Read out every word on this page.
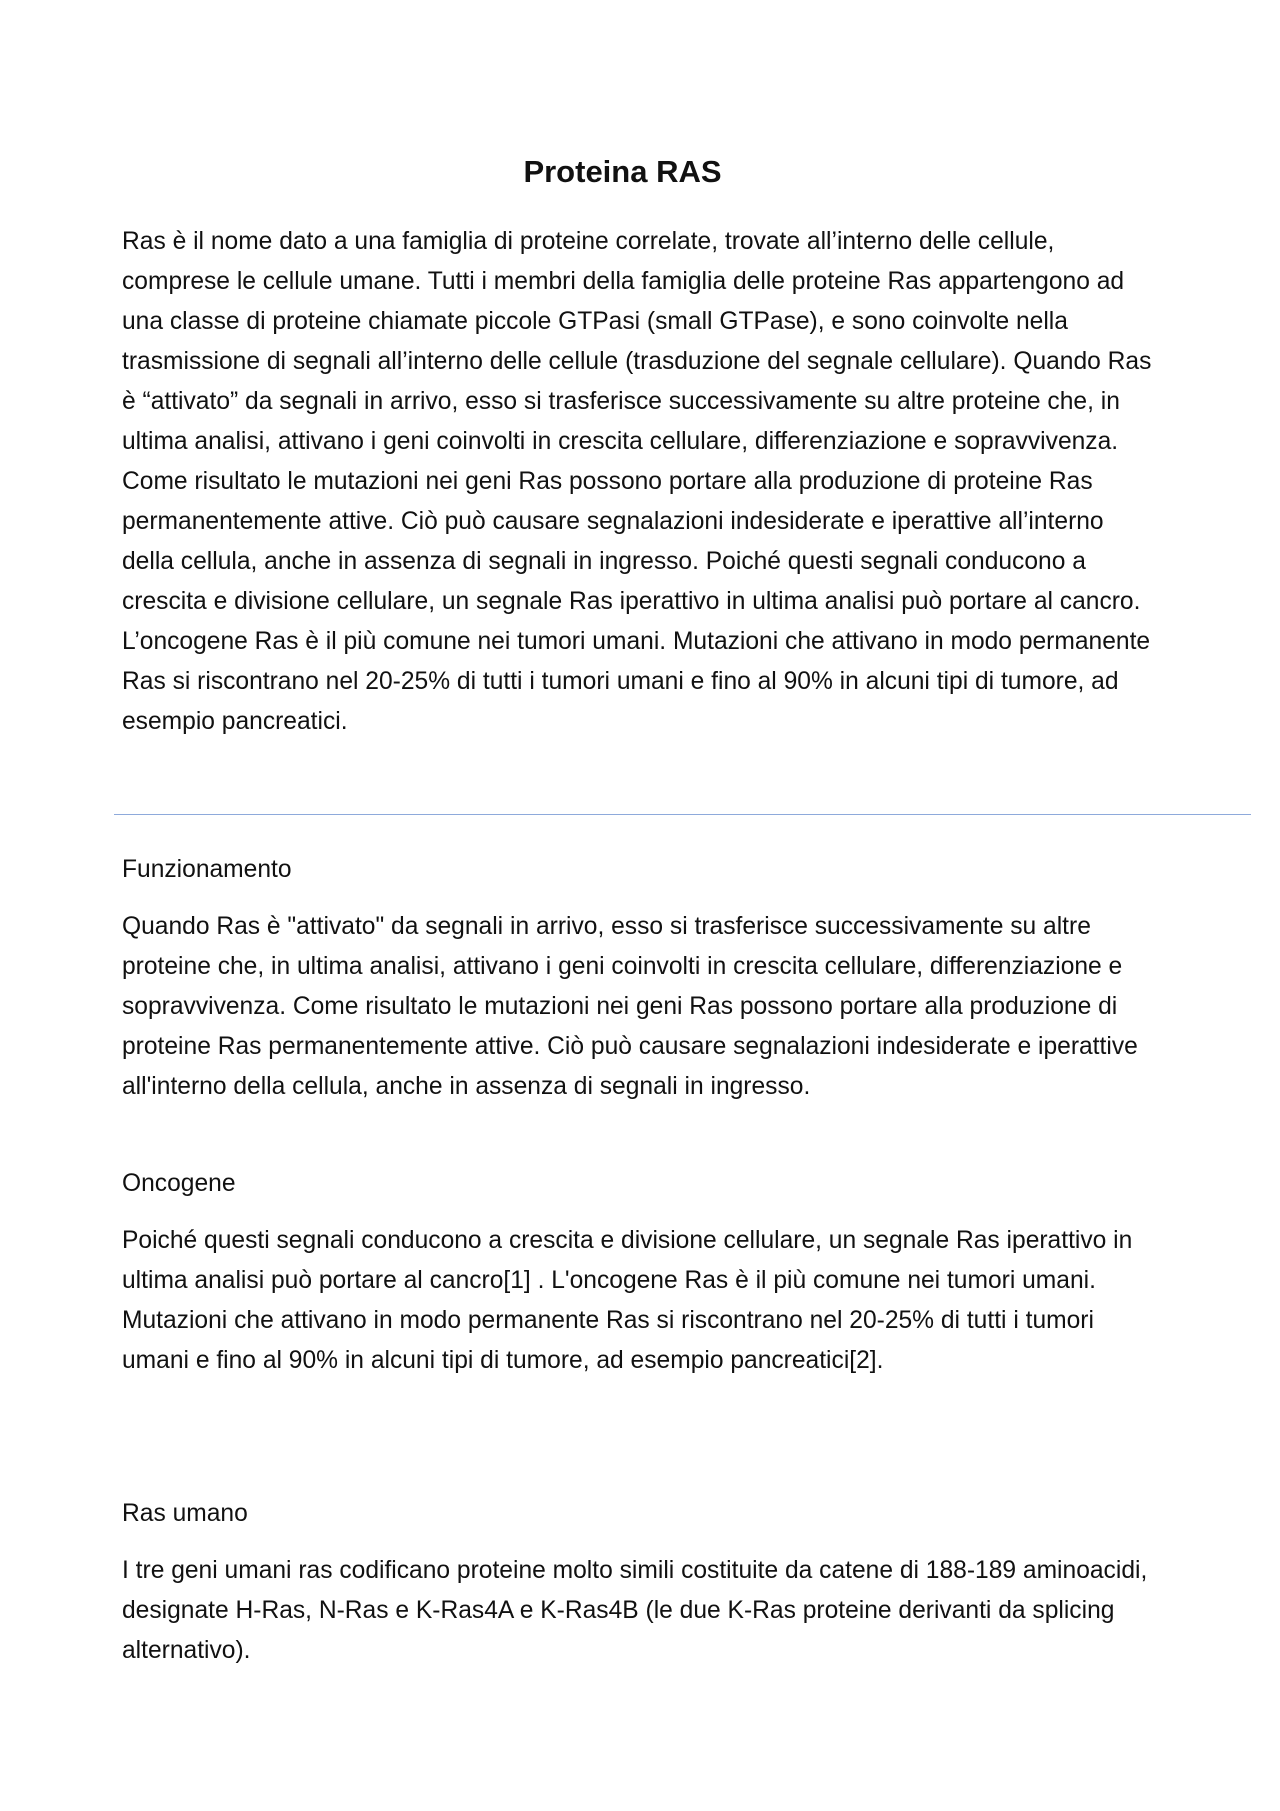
Proteina RAS

Ras è il nome dato a una famiglia di proteine correlate, trovate all’interno delle cellule, comprese le cellule umane. Tutti i membri della famiglia delle proteine Ras appartengono ad una classe di proteine chiamate piccole GTPasi (small GTPase), e sono coinvolte nella trasmissione di segnali all’interno delle cellule (trasduzione del segnale cellulare). Quando Ras è “attivato” da segnali in arrivo, esso si trasferisce successivamente su altre proteine che, in ultima analisi, attivano i geni coinvolti in crescita cellulare, differenziazione e sopravvivenza. Come risultato le mutazioni nei geni Ras possono portare alla produzione di proteine Ras permanentemente attive. Ciò può causare segnalazioni indesiderate e iperattive all’interno della cellula, anche in assenza di segnali in ingresso. Poiché questi segnali conducono a crescita e divisione cellulare, un segnale Ras iperattivo in ultima analisi può portare al cancro. L’oncogene Ras è il più comune nei tumori umani. Mutazioni che attivano in modo permanente Ras si riscontrano nel 20-25% di tutti i tumori umani e fino al 90% in alcuni tipi di tumore, ad esempio pancreatici.

Funzionamento

Quando Ras è "attivato" da segnali in arrivo, esso si trasferisce successivamente su altre proteine che, in ultima analisi, attivano i geni coinvolti in crescita cellulare, differenziazione e sopravvivenza. Come risultato le mutazioni nei geni Ras possono portare alla produzione di proteine Ras permanentemente attive. Ciò può causare segnalazioni indesiderate e iperattive all'interno della cellula, anche in assenza di segnali in ingresso.

Oncogene

Poiché questi segnali conducono a crescita e divisione cellulare, un segnale Ras iperattivo in ultima analisi può portare al cancro[1] . L'oncogene Ras è il più comune nei tumori umani. Mutazioni che attivano in modo permanente Ras si riscontrano nel 20-25% di tutti i tumori umani e fino al 90% in alcuni tipi di tumore, ad esempio pancreatici[2].

Ras umano

I tre geni umani ras codificano proteine molto simili costituite da catene di 188-189 aminoacidi, designate H-Ras, N-Ras e K-Ras4A e K-Ras4B (le due K-Ras proteine derivanti da splicing alternativo).
